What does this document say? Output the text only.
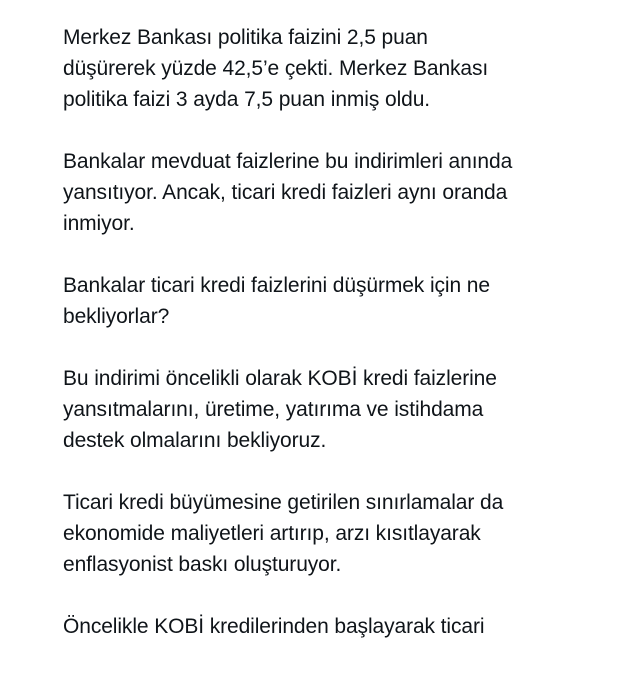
Merkez Bankası politika faizini 2,5 puan
düşürerek yüzde 42,5’e çekti. Merkez Bankası
politika faizi 3 ayda 7,5 puan inmiş oldu.

Bankalar mevduat faizlerine bu indirimleri anında
yansıtıyor. Ancak, ticari kredi faizleri aynı oranda
inmiyor.

Bankalar ticari kredi faizlerini düşürmek için ne
bekliyorlar?

Bu indirimi öncelikli olarak KOBİ kredi faizlerine
yansıtmalarını, üretime, yatırıma ve istihdama
destek olmalarını bekliyoruz.

Ticari kredi büyümesine getirilen sınırlamalar da
ekonomide maliyetleri artırıp, arzı kısıtlayarak
enflasyonist baskı oluşturuyor.

Öncelikle KOBİ kredilerinden başlayarak ticari
